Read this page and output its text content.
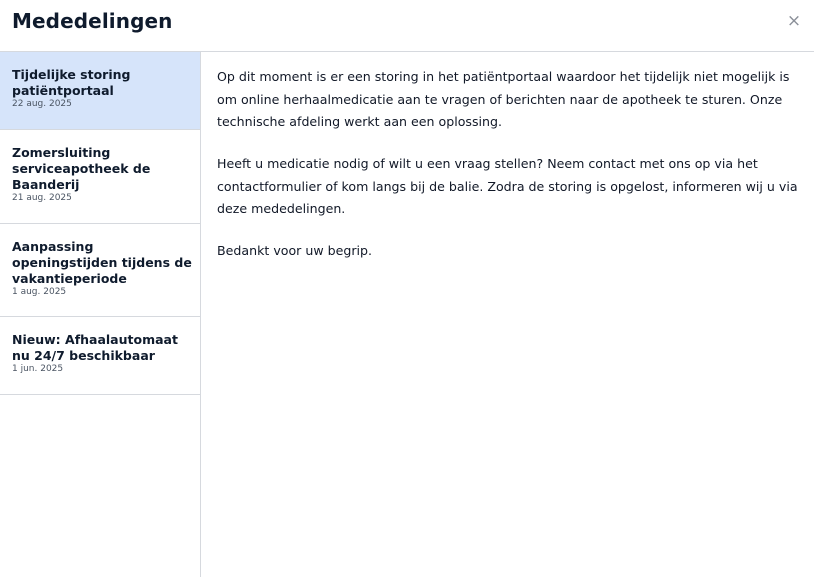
Mededelingen	×
Tijdelijke storing patiëntportaal
22 aug. 2025
Zomersluiting serviceapotheek de Baanderij
21 aug. 2025
Aanpassing openingstijden tijdens de vakantieperiode
1 aug. 2025
Nieuw: Afhaalautomaat nu 24/7 beschikbaar
1 jun. 2025

Op dit moment is er een storing in het patiëntportaal waardoor het tijdelijk niet mogelijk is om online herhaalmedicatie aan te vragen of berichten naar de apotheek te sturen. Onze technische afdeling werkt aan een oplossing.

Heeft u medicatie nodig of wilt u een vraag stellen? Neem contact met ons op via het contactformulier of kom langs bij de balie. Zodra de storing is opgelost, informeren wij u via deze mededelingen.

Bedankt voor uw begrip.
